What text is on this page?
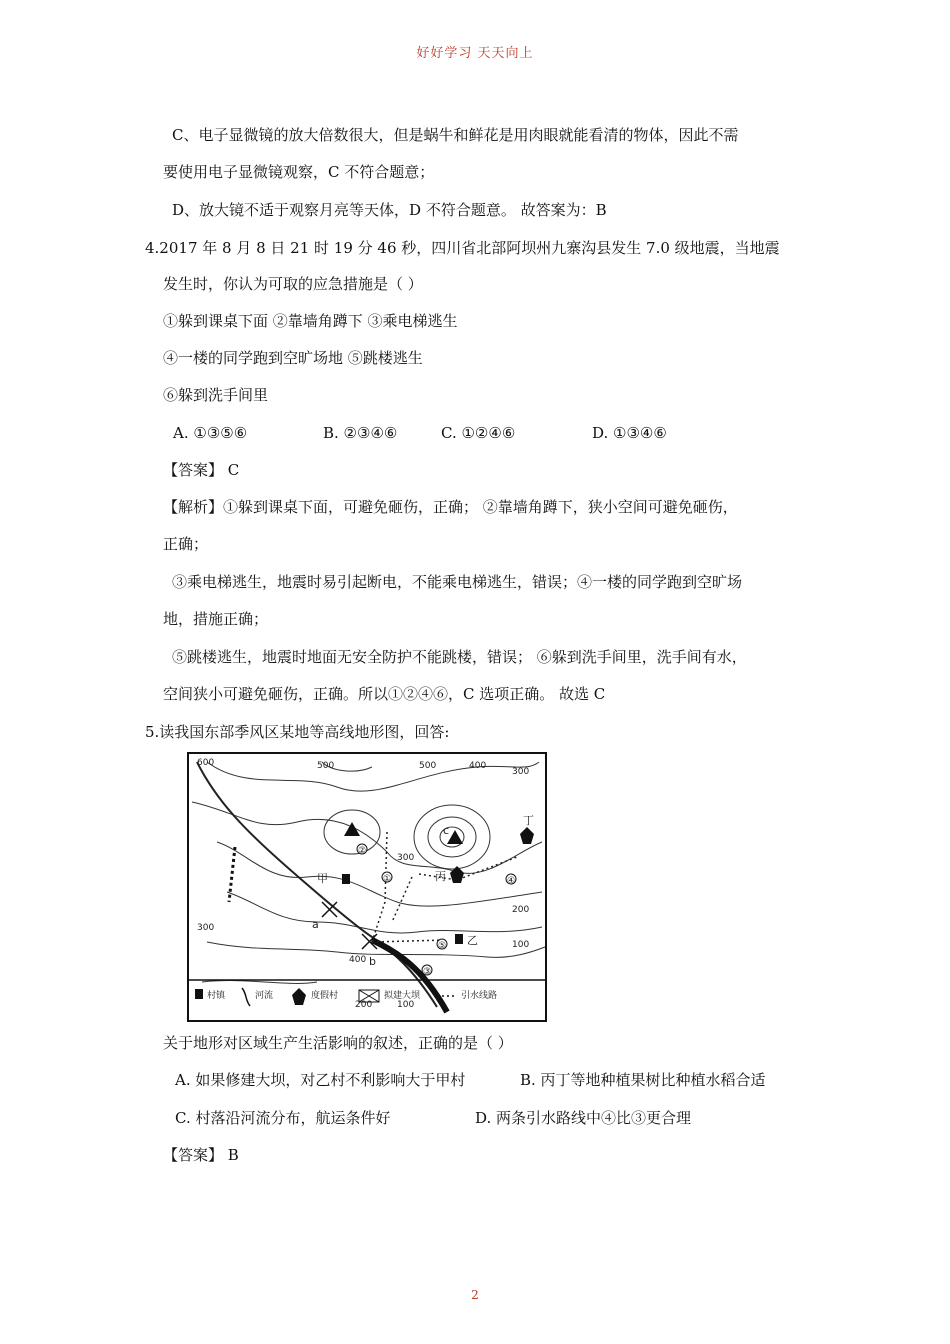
好好学习 天天向上
C、电子显微镜的放大倍数很大，但是蜗牛和鲜花是用肉眼就能看清的物体，因此不需
要使用电子显微镜观察，C 不符合题意；
D、放大镜不适于观察月亮等天体，D 不符合题意。 故答案为：B
4.2017 年 8 月 8 日 21 时 19 分 46 秒，四川省北部阿坝州九寨沟县发生 7.0 级地震，当地震
发生时，你认为可取的应急措施是（ ）
①躲到课桌下面 ②靠墙角蹲下 ③乘电梯逃生
④一楼的同学跑到空旷场地 ⑤跳楼逃生
⑥躲到洗手间里
A. ①③⑤⑥	B. ②③④⑥	C. ①②④⑥	D. ①③④⑥
【答案】 C
【解析】①躲到课桌下面，可避免砸伤，正确； ②靠墙角蹲下，狭小空间可避免砸伤，
正确；
③乘电梯逃生，地震时易引起断电，不能乘电梯逃生，错误；④一楼的同学跑到空旷场
地，措施正确；
⑤跳楼逃生，地震时地面无安全防护不能跳楼，错误； ⑥躲到洗手间里，洗手间有水，
空间狭小可避免砸伤，正确。所以①②④⑥，C 选项正确。 故选 C
5.读我国东部季风区某地等高线地形图，回答:
600	500	500	400
300
300
200
100
400
200	100
300
c
a
b
甲
乙
丙
丁
①
②
③
④
⑤
村镇	河流	度假村	拟建大坝	引水线路
关于地形对区域生产生活影响的叙述，正确的是（ ）
A. 如果修建大坝，对乙村不利影响大于甲村	B. 丙丁等地种植果树比种植水稻合适
C. 村落沿河流分布，航运条件好	D. 两条引水路线中④比③更合理
【答案】 B
2
